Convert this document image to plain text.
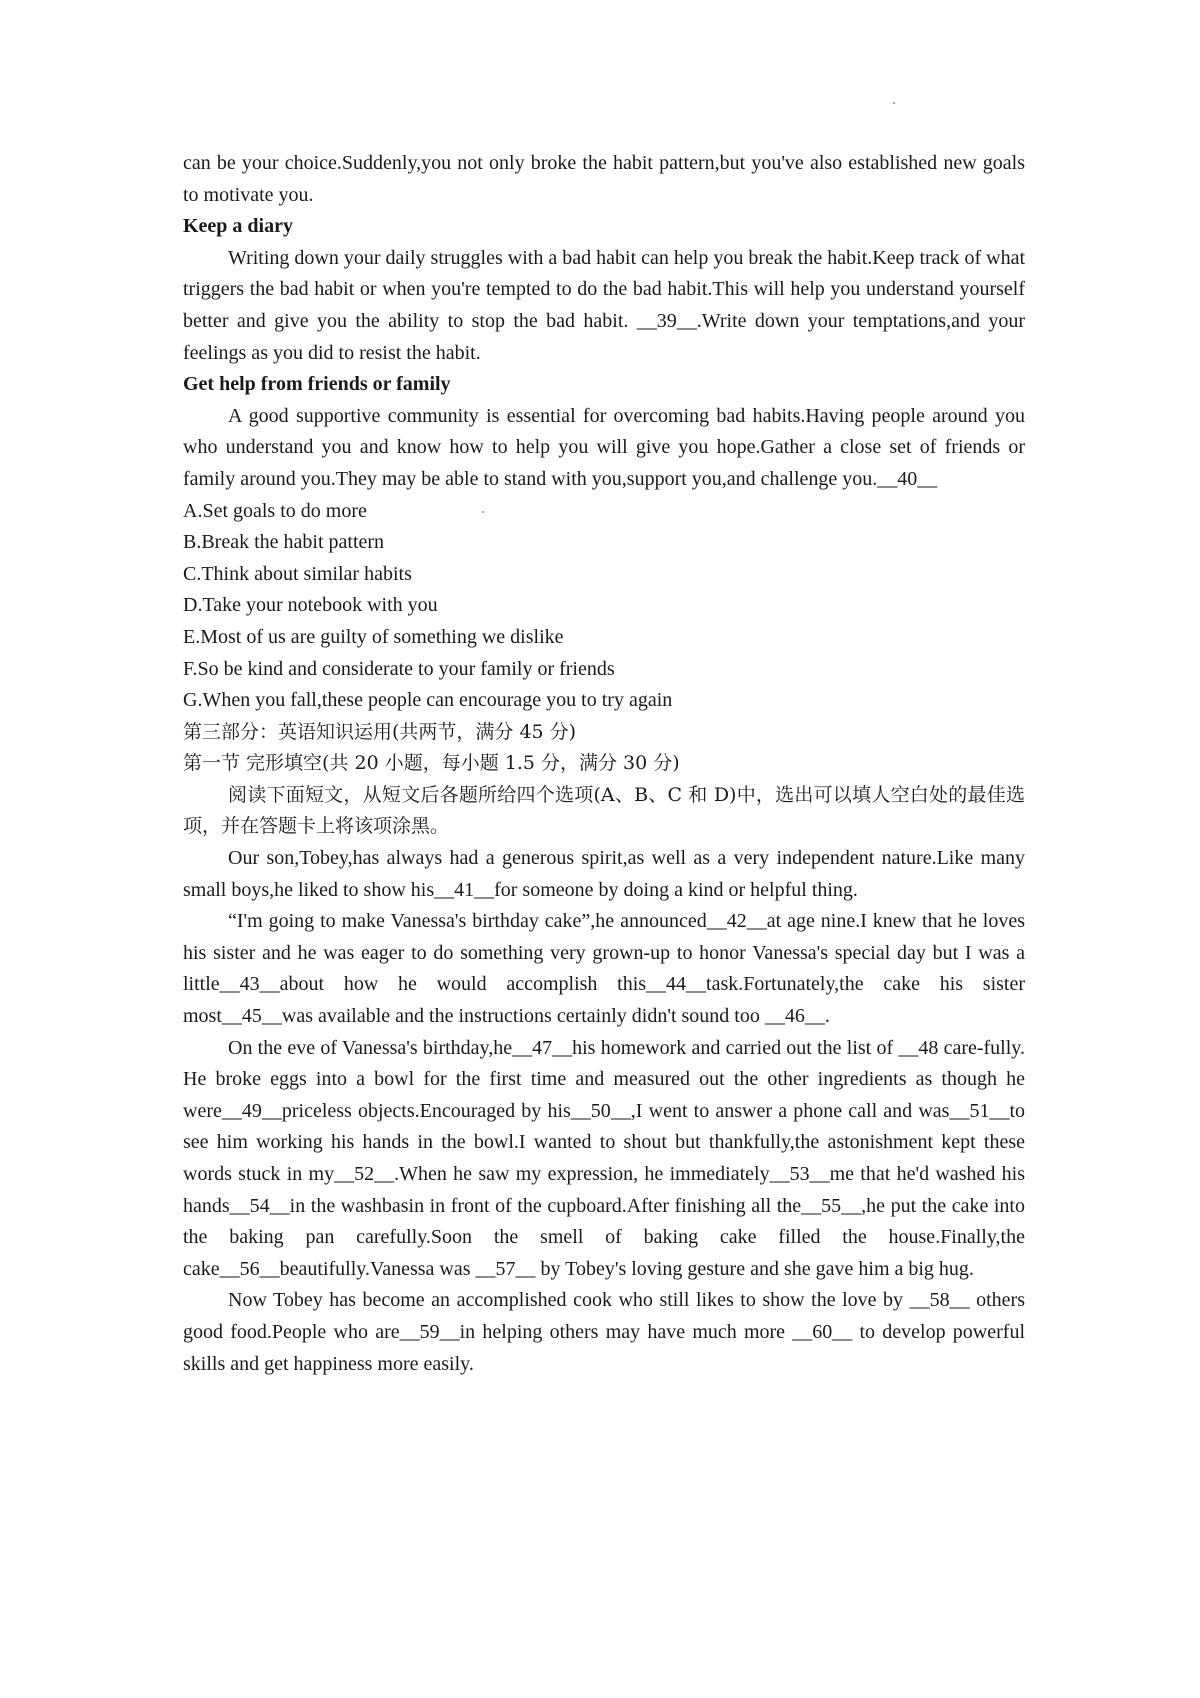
can be your choice.Suddenly,you not only broke the habit pattern,but you've also established new goals to motivate you.

Keep a diary

Writing down your daily struggles with a bad habit can help you break the habit.Keep track of what triggers the bad habit or when you're tempted to do the bad habit.This will help you understand yourself better and give you the ability to stop the bad habit. __39__.Write down your temptations,and your feelings as you did to resist the habit.

Get help from friends or family

A good supportive community is essential for overcoming bad habits.Having people around you who understand you and know how to help you will give you hope.Gather a close set of friends or family around you.They may be able to stand with you,support you,and challenge you.__40__

A.Set goals to do more

B.Break the habit pattern

C.Think about similar habits

D.Take your notebook with you

E.Most of us are guilty of something we dislike

F.So be kind and considerate to your family or friends

G.When you fall,these people can encourage you to try again

第三部分：英语知识运用(共两节，满分 45 分)

第一节 完形填空(共 20 小题，每小题 1.5 分，满分 30 分)

阅读下面短文，从短文后各题所给四个选项(A、B、C 和 D)中，选出可以填人空白处的最佳选项，并在答题卡上将该项涂黑。

Our son,Tobey,has always had a generous spirit,as well as a very independent nature.Like many small boys,he liked to show his__41__for someone by doing a kind or helpful thing.

“I'm going to make Vanessa's birthday cake”,he announced__42__at age nine.I knew that he loves his sister and he was eager to do something very grown-up to honor Vanessa's special day but I was a little__43__about how he would accomplish this__44__task.Fortunately,the cake his sister most__45__was available and the instructions certainly didn't sound too __46__.

On the eve of Vanessa's birthday,he__47__his homework and carried out the list of __48 care-fully. He broke eggs into a bowl for the first time and measured out the other ingredients as though he were__49__priceless objects.Encouraged by his__50__,I went to answer a phone call and was__51__to see him working his hands in the bowl.I wanted to shout but thankfully,the astonishment kept these words stuck in my__52__.When he saw my expression, he immediately__53__me that he'd washed his hands__54__in the washbasin in front of the cupboard.After finishing all the__55__,he put the cake into the baking pan carefully.Soon the smell of baking cake filled the house.Finally,the cake__56__beautifully.Vanessa was __57__ by Tobey's loving gesture and she gave him a big hug.

Now Tobey has become an accomplished cook who still likes to show the love by __58__ others good food.People who are__59__in helping others may have much more __60__ to develop powerful skills and get happiness more easily.
